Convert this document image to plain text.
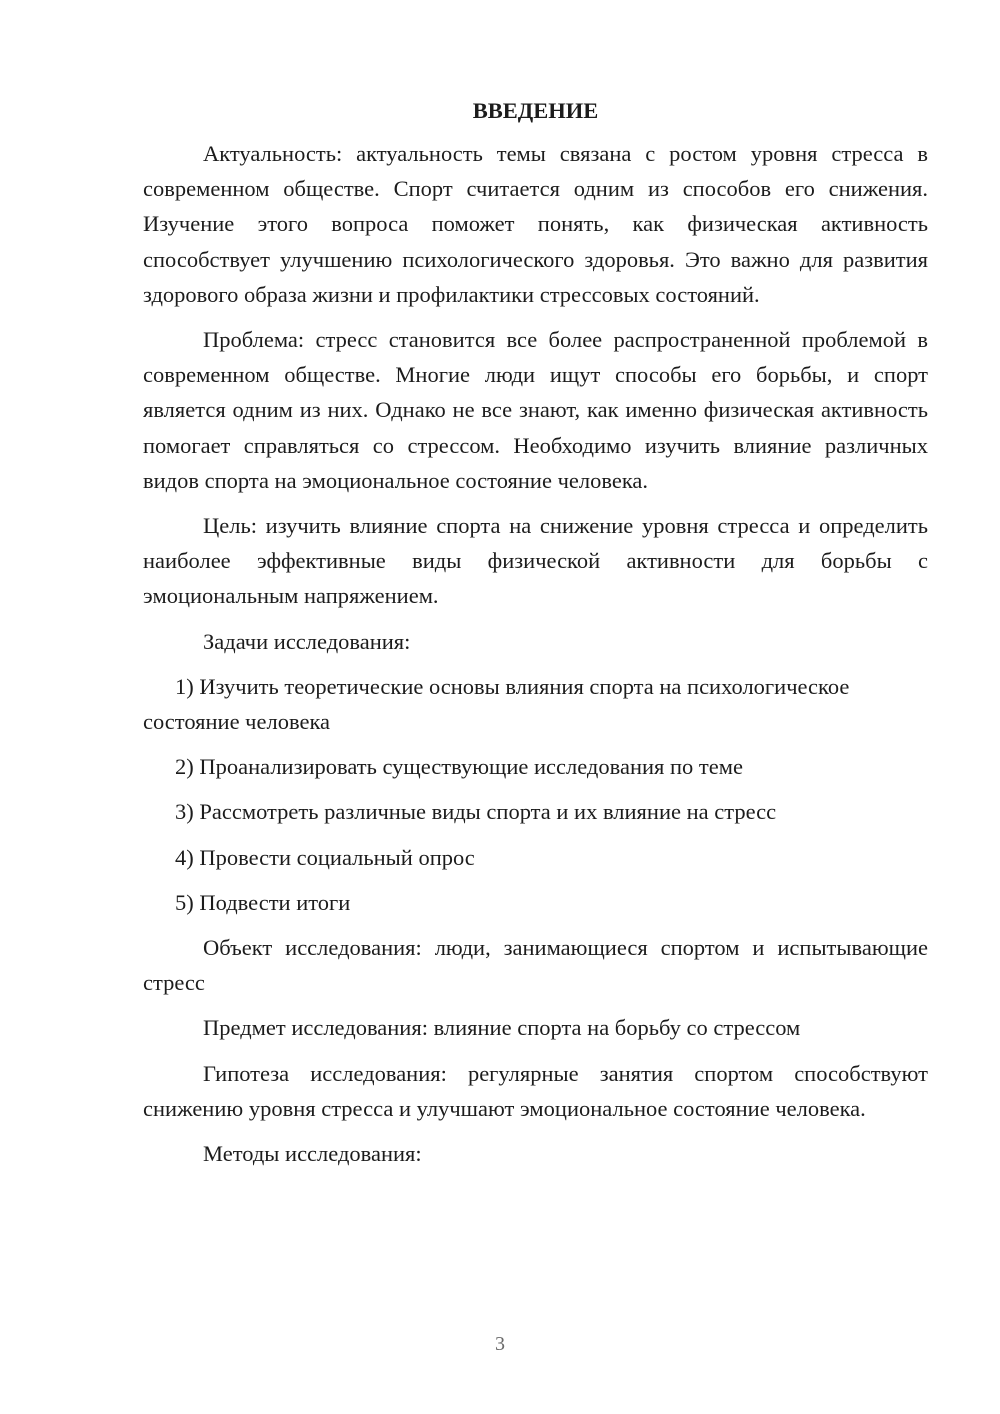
ВВЕДЕНИЕ

Актуальность: актуальность темы связана с ростом уровня стресса в современном обществе. Спорт считается одним из способов его снижения. Изучение этого вопроса поможет понять, как физическая активность способствует улучшению психологического здоровья. Это важно для развития здорового образа жизни и профилактики стрессовых состояний.

Проблема: стресс становится все более распространенной проблемой в современном обществе. Многие люди ищут способы его борьбы, и спорт является одним из них. Однако не все знают, как именно физическая активность помогает справляться со стрессом. Необходимо изучить влияние различных видов спорта на эмоциональное состояние человека.

Цель: изучить влияние спорта на снижение уровня стресса и определить наиболее эффективные виды физической активности для борьбы с эмоциональным напряжением.

Задачи исследования:

1) Изучить теоретические основы влияния спорта на психологическое состояние человека

2) Проанализировать существующие исследования по теме

3) Рассмотреть различные виды спорта и их влияние на стресс

4) Провести социальный опрос

5) Подвести итоги

Объект исследования: люди, занимающиеся спортом и испытывающие стресс

Предмет исследования: влияние спорта на борьбу со стрессом

Гипотеза исследования: регулярные занятия спортом способствуют снижению уровня стресса и улучшают эмоциональное состояние человека.

Методы исследования:

3
